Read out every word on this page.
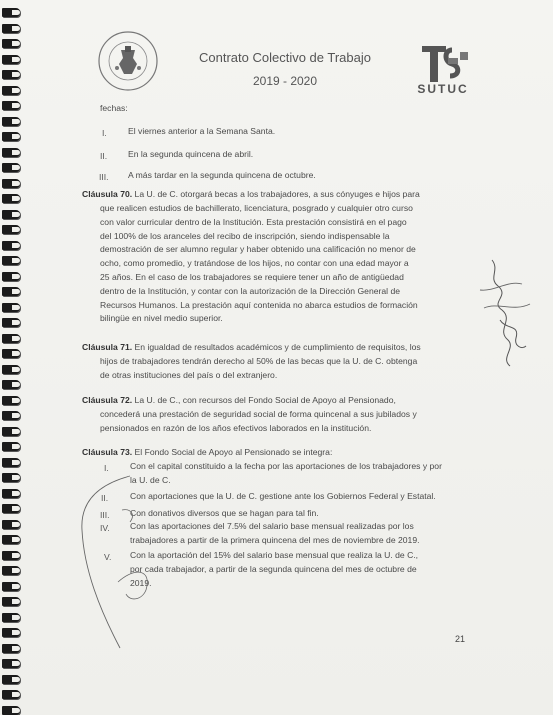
Contrato Colectivo de Trabajo
2019 - 2020
SUTUC
fechas:
I. El viernes anterior a la Semana Santa.
II. En la segunda quincena de abril.
III. A más tardar en la segunda quincena de octubre.
Cláusula 70. La U. de C. otorgará becas a los trabajadores, a sus cónyuges e hijos para
que realicen estudios de bachillerato, licenciatura, posgrado y cualquier otro curso
con valor curricular dentro de la Institución. Esta prestación consistirá en el pago
del 100% de los aranceles del recibo de inscripción, siendo indispensable la
demostración de ser alumno regular y haber obtenido una calificación no menor de
ocho, como promedio, y tratándose de los hijos, no contar con una edad mayor a
25 años. En el caso de los trabajadores se requiere tener un año de antigüedad
dentro de la Institución, y contar con la autorización de la Dirección General de
Recursos Humanos. La prestación aquí contenida no abarca estudios de formación
bilingüe en nivel medio superior.
Cláusula 71. En igualdad de resultados académicos y de cumplimiento de requisitos, los
hijos de trabajadores tendrán derecho al 50% de las becas que la U. de C. obtenga
de otras instituciones del país o del extranjero.
Cláusula 72. La U. de C., con recursos del Fondo Social de Apoyo al Pensionado,
concederá una prestación de seguridad social de forma quincenal a sus jubilados y
pensionados en razón de los años efectivos laborados en la institución.
Cláusula 73. El Fondo Social de Apoyo al Pensionado se integra:
I. Con el capital constituido a la fecha por las aportaciones de los trabajadores y por
la U. de C.
II.	Con aportaciones que la U. de C. gestione ante los Gobiernos Federal y Estatal.
III. Con donativos diversos que se hagan para tal fin.
IV. Con las aportaciones del 7.5% del salario base mensual realizadas por los
trabajadores a partir de la primera quincena del mes de noviembre de 2019.
V. Con la aportación del 15% del salario base mensual que realiza la U. de C.,
por cada trabajador, a partir de la segunda quincena del mes de octubre de
2019.
21
